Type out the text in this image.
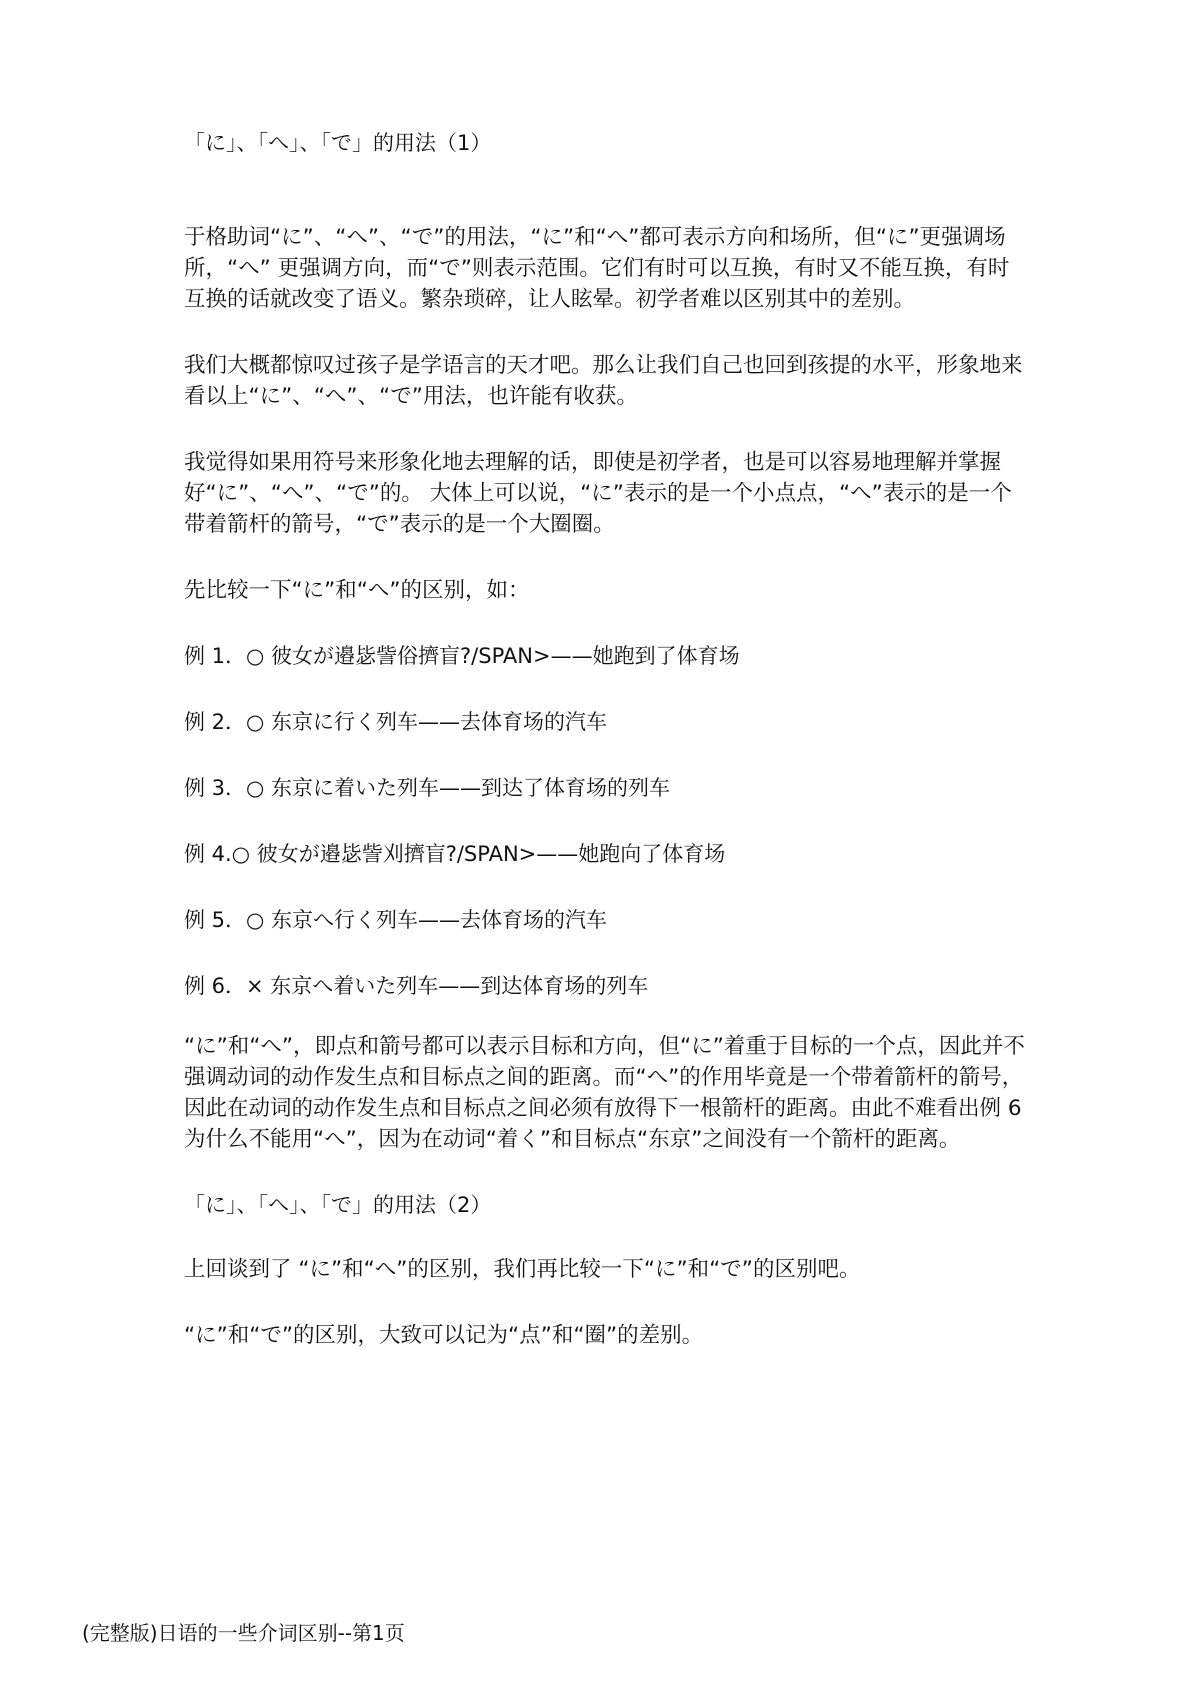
「に」、「へ」、「で」的用法（1）

于格助词“に”、“へ”、“で”的用法，“に”和“へ”都可表示方向和场所，但“に”更强调场所，“へ” 更强调方向，而“で”则表示范围。它们有时可以互换，有时又不能互换，有时互换的话就改变了语义。繁杂琐碎，让人眩晕。初学者难以区别其中的差别。

我们大概都惊叹过孩子是学语言的天才吧。那么让我们自己也回到孩提的水平，形象地来看以上“に”、“へ”、“で”用法，也许能有收获。

我觉得如果用符号来形象化地去理解的话，即使是初学者，也是可以容易地理解并掌握好“に”、“へ”、“で”的。 大体上可以说，“に”表示的是一个小点点，“へ”表示的是一个带着箭杆的箭号，“で”表示的是一个大圈圈。

先比较一下“に”和“へ”的区别，如：

例 1．○ 彼女が邉毖訾俗擠盲?/SPAN>——她跑到了体育场
例 2．○ 东京に行く列车——去体育场的汽车
例 3．○ 东京に着いた列车——到达了体育场的列车
例 4.○ 彼女が邉毖訾刈擠盲?/SPAN>——她跑向了体育场
例 5．○ 东京へ行く列车——去体育场的汽车
例 6．× 东京へ着いた列车——到达体育场的列车

“に”和“へ”，即点和箭号都可以表示目标和方向，但“に”着重于目标的一个点，因此并不强调动词的动作发生点和目标点之间的距离。而“へ”的作用毕竟是一个带着箭杆的箭号，因此在动词的动作发生点和目标点之间必须有放得下一根箭杆的距离。由此不难看出例 6 为什么不能用“へ”，因为在动词“着く”和目标点“东京”之间没有一个箭杆的距离。

「に」、「へ」、「で」的用法（2）

上回谈到了 “に”和“へ”的区别，我们再比较一下“に”和“で”的区别吧。

“に”和“で”的区别，大致可以记为“点”和“圈”的差别。

(完整版)日语的一些介词区别--第1页
